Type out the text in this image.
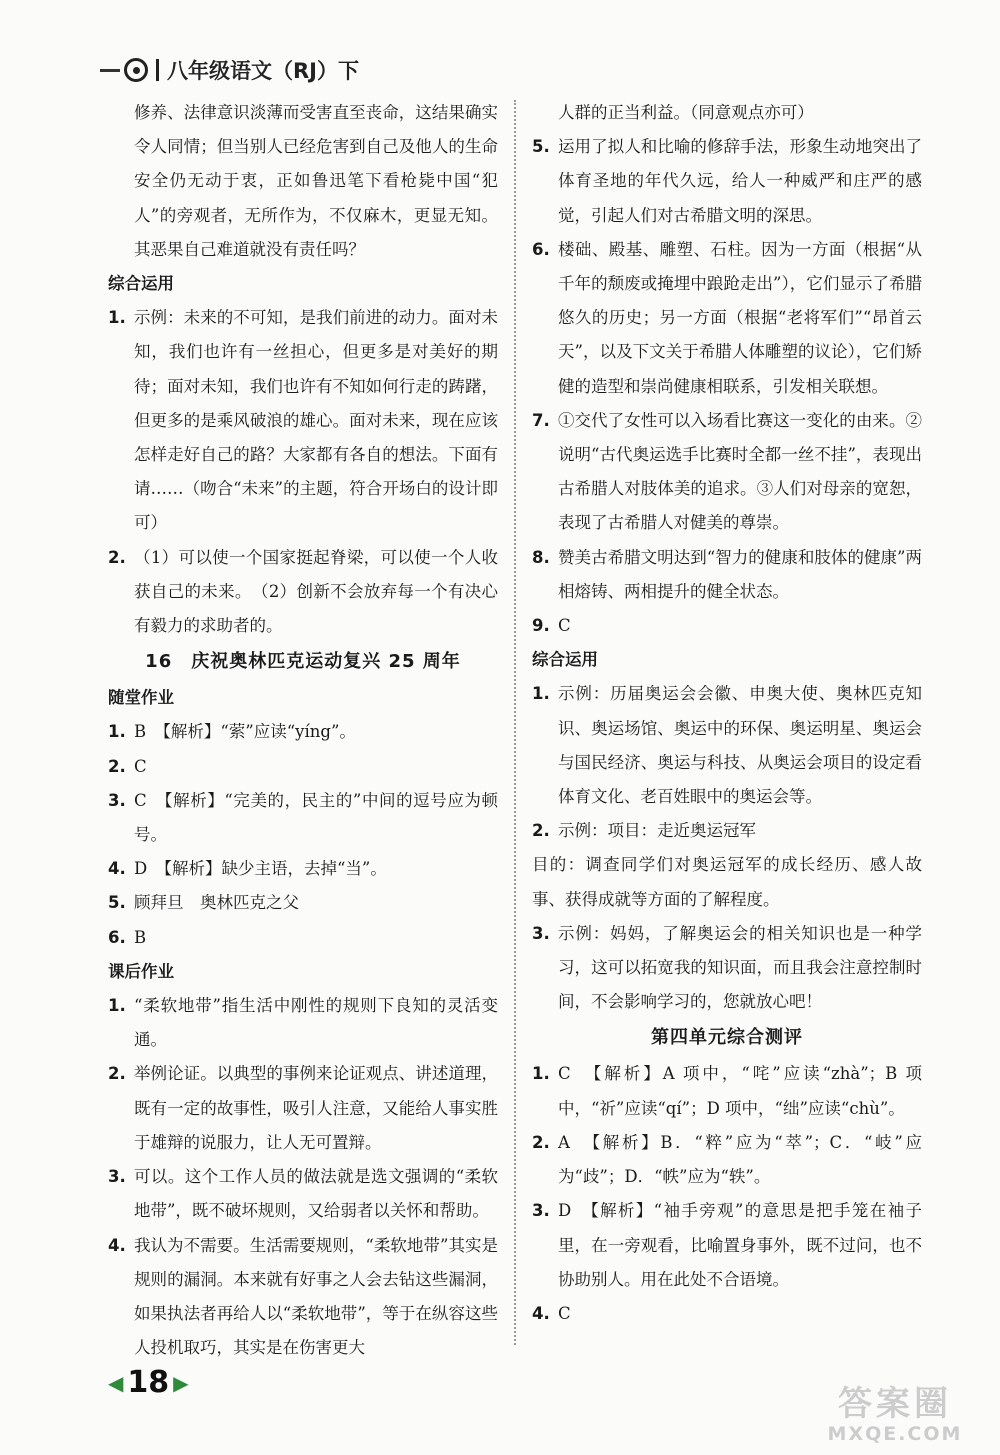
八年级语文（RJ）下
修养、法律意识淡薄而受害直至丧命，这结果确实令人同情；但当别人已经危害到自己及他人的生命安全仍无动于衷，正如鲁迅笔下看枪毙中国“犯人”的旁观者，无所作为，不仅麻木，更显无知。其恶果自己难道就没有责任吗？
综合运用
1. 示例：未来的不可知，是我们前进的动力。面对未知，我们也许有一丝担心，但更多是对美好的期待；面对未知，我们也许有不知如何行走的踌躇，但更多的是乘风破浪的雄心。面对未来，现在应该怎样走好自己的路？大家都有各自的想法。下面有请……（吻合“未来”的主题，符合开场白的设计即可）
2. （1）可以使一个国家挺起脊梁，可以使一个人收获自己的未来。　（2）创新不会放弃每一个有决心有毅力的求助者的。
16　庆祝奥林匹克运动复兴 25 周年
随堂作业
1. B　【解析】“萦”应读“yíng”。
2. C
3. C　【解析】“完美的，民主的”中间的逗号应为顿号。
4. D　【解析】缺少主语，去掉“当”。
5. 顾拜旦　奥林匹克之父
6. B
课后作业
1. “柔软地带”指生活中刚性的规则下良知的灵活变通。
2. 举例论证。以典型的事例来论证观点、讲述道理，既有一定的故事性，吸引人注意，又能给人事实胜于雄辩的说服力，让人无可置辩。
3. 可以。这个工作人员的做法就是选文强调的“柔软地带”，既不破坏规则，又给弱者以关怀和帮助。
4. 我认为不需要。生活需要规则，“柔软地带”其实是规则的漏洞。本来就有好事之人会去钻这些漏洞，如果执法者再给人以“柔软地带”，等于在纵容这些人投机取巧，其实是在伤害更大
人群的正当利益。（同意观点亦可）
5. 运用了拟人和比喻的修辞手法，形象生动地突出了体育圣地的年代久远，给人一种威严和庄严的感觉，引起人们对古希腊文明的深思。
6. 楼础、殿基、雕塑、石柱。因为一方面（根据“从千年的颓废或掩埋中踉跄走出”），它们显示了希腊悠久的历史；另一方面（根据“老将军们”“昂首云天”，以及下文关于希腊人体雕塑的议论），它们矫健的造型和崇尚健康相联系，引发相关联想。
7. ①交代了女性可以入场看比赛这一变化的由来。②说明“古代奥运选手比赛时全都一丝不挂”，表现出古希腊人对肢体美的追求。③人们对母亲的宽恕，表现了古希腊人对健美的尊崇。
8. 赞美古希腊文明达到“智力的健康和肢体的健康”两相熔铸、两相提升的健全状态。
9. C
综合运用
1. 示例：历届奥运会会徽、申奥大使、奥林匹克知识、奥运场馆、奥运中的环保、奥运明星、奥运会与国民经济、奥运与科技、从奥运会项目的设定看体育文化、老百姓眼中的奥运会等。
2. 示例：项目：走近奥运冠军
目的：调查同学们对奥运冠军的成长经历、感人故事、获得成就等方面的了解程度。
3. 示例：妈妈，了解奥运会的相关知识也是一种学习，这可以拓宽我的知识面，而且我会注意控制时间，不会影响学习的，您就放心吧！
第四单元综合测评
1. C　【解析】A 项中，“咤”应读“zhà”；B 项中，“祈”应读“qí”；D 项中，“绌”应读“chù”。
2. A　【解析】B．“粹”应为“萃”；C．“岐”应为“歧”；D．“帙”应为“轶”。
3. D　【解析】“袖手旁观”的意思是把手笼在袖子里，在一旁观看，比喻置身事外，既不过问，也不协助别人。用在此处不合语境。
4. C
◀ 18 ▶
答案圈
MXQE.COM
